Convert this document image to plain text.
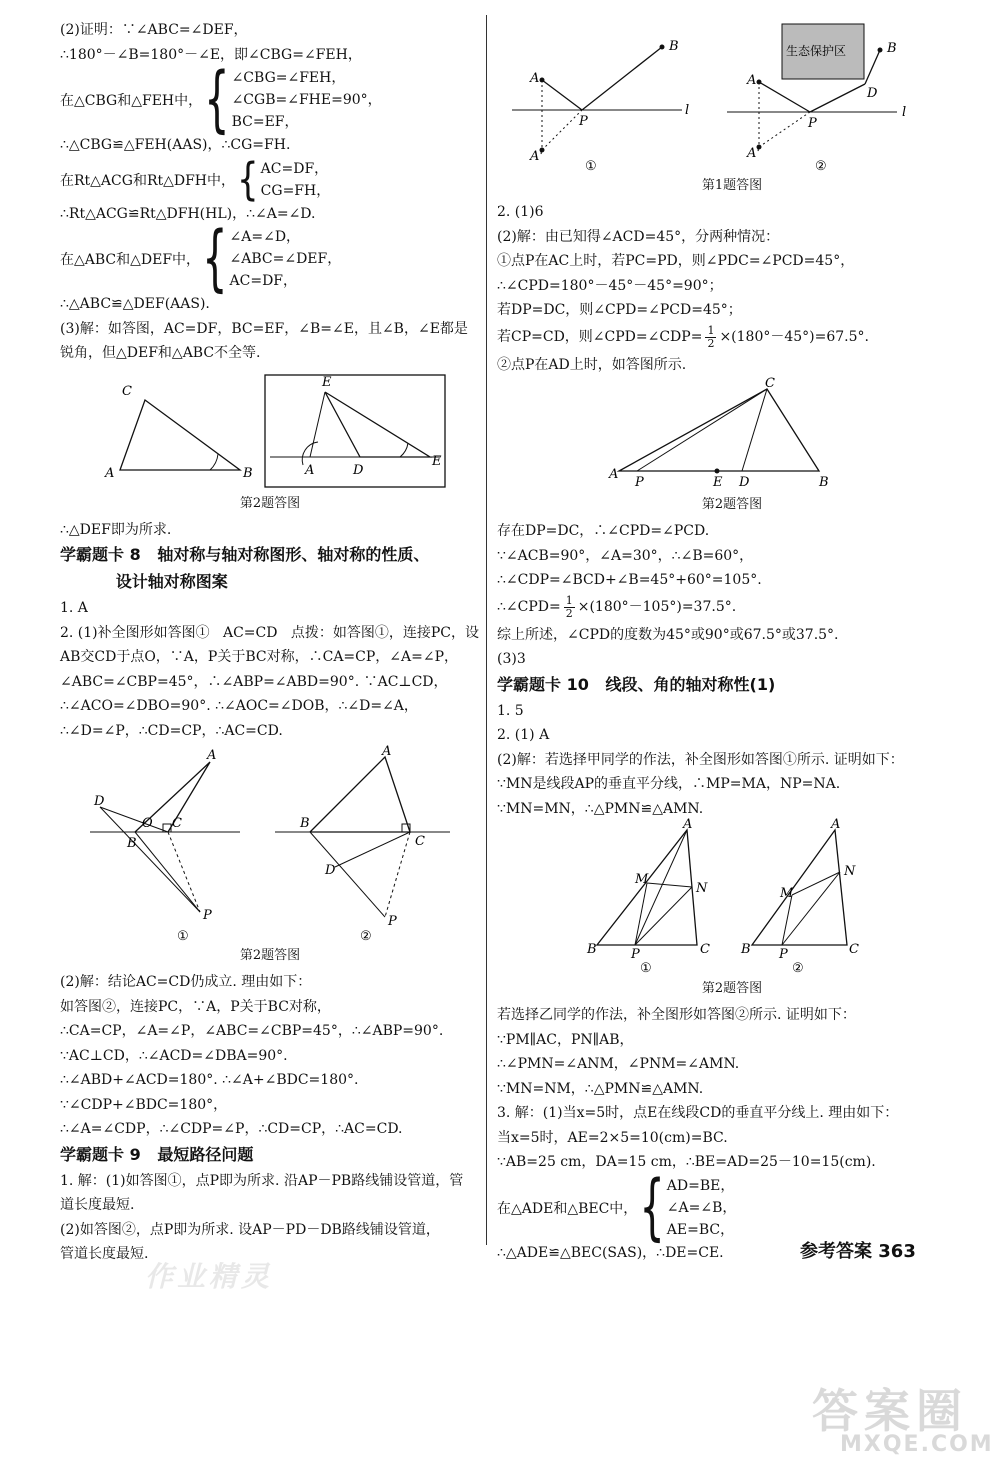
(2)证明：∵∠ABC=∠DEF，
∴180°－∠B=180°－∠E，即∠CBG=∠FEH，
在△CBG和△FEH中， { ∠CBG=∠FEH，
∠CGB=∠FHE=90°，
BC=EF，
∴△CBG≌△FEH(AAS)，∴CG=FH.
在Rt△ACG和Rt△DFH中， { AC=DF，
CG=FH，
∴Rt△ACG≌Rt△DFH(HL)，∴∠A=∠D.
在△ABC和△DEF中， { ∠A=∠D，
∠ABC=∠DEF，
AC=DF，
∴△ABC≌△DEF(AAS).
(3)解：如答图，AC=DF，BC=EF，∠B=∠E，且∠B，∠E都是
锐角，但△DEF和△ABC不全等.
C
A	B
E
A	D
E
第2题答图
∴△DEF即为所求.
学霸题卡 8   轴对称与轴对称图形、轴对称的性质、
设计轴对称图案
1. A
2. (1)补全图形如答图①   AC=CD   点拨：如答图①，连接PC，设
AB交CD于点O，∵A，P关于BC对称，∴CA=CP，∠A=∠P，
∠ABC=∠CBP=45°，∴∠ABP=∠ABD=90°. ∵AC⊥CD，
∴∠ACO=∠DBO=90°. ∴∠AOC=∠DOB，∴∠D=∠A，
∴∠D=∠P，∴CD=CP，∴AC=CD.
A
D
O
B
C
P
①
A
B
C
D
P
②
第2题答图
(2)解：结论AC=CD仍成立. 理由如下：
如答图②，连接PC，∵A，P关于BC对称，
∴CA=CP，∠A=∠P，∠ABC=∠CBP=45°，∴∠ABP=90°.
∵AC⊥CD，∴∠ACD=∠DBA=90°.
∴∠ABD+∠ACD=180°. ∴∠A+∠BDC=180°.
∵∠CDP+∠BDC=180°，
∴∠A=∠CDP，∴∠CDP=∠P，∴CD=CP，∴AC=CD.
学霸题卡 9   最短路径问题
1. 解：(1)如答图①，点P即为所求. 沿AP－PB路线铺设管道，管
道长度最短.
(2)如答图②，点P即为所求. 设AP－PD－DB路线铺设管道，
管道长度最短.
l
A
B
P
A'
①
l
生态保护区
A
B
D
P
A'
②
第1题答图
2. (1)6
(2)解：由已知得∠ACD=45°，分两种情况：
①点P在AC上时，若PC=PD，则∠PDC=∠PCD=45°，
∴∠CPD=180°－45°－45°=90°；
若DP=DC，则∠CPD=∠PCD=45°；
若CP=CD，则∠CPD=∠CDP= $\frac{1}{2} \times(180^\circ-45^\circ)=67.5^\circ$.
②点P在AD上时，如答图所示.
A
P	E D	B
C
第2题答图
存在DP=DC，∴∠CPD=∠PCD.
∵∠ACB=90°，∠A=30°，∴∠B=60°，
∴∠CDP=∠BCD+∠B=45°+60°=105°.
∴∠CPD= $\frac{1}{2} \times(180^\circ-105^\circ)=37.5^\circ$.
综上所述，∠CPD的度数为45°或90°或67.5°或37.5°.
(3)3
学霸题卡 10   线段、角的轴对称性(1)
1. 5
2. (1) A
(2)解：若选择甲同学的作法，补全图形如答图①所示. 证明如下：
∵MN是线段AP的垂直平分线，∴MP=MA，NP=NA.
∵MN=MN，∴△PMN≌△AMN.
A
M
N
B	P	C
①
A
M
N
B P	C
②
第2题答图
若选择乙同学的作法，补全图形如答图②所示. 证明如下：
∵PM∥AC，PN∥AB，
∴∠PMN=∠ANM，∠PNM=∠AMN.
∵MN=NM，∴△PMN≌△AMN.
3. 解：(1)当x=5时，点E在线段CD的垂直平分线上. 理由如下：
当x=5时，AE=2×5=10(cm)=BC.
∵AB=25 cm，DA=15 cm，∴BE=AD=25－10=15(cm).
在△ADE和△BEC中， { AD=BE，
∠A=∠B，
AE=BC，
∴△ADE≌△BEC(SAS)，∴DE=CE.	参考答案 363
作业精灵
答案圈
MXQE.COM
